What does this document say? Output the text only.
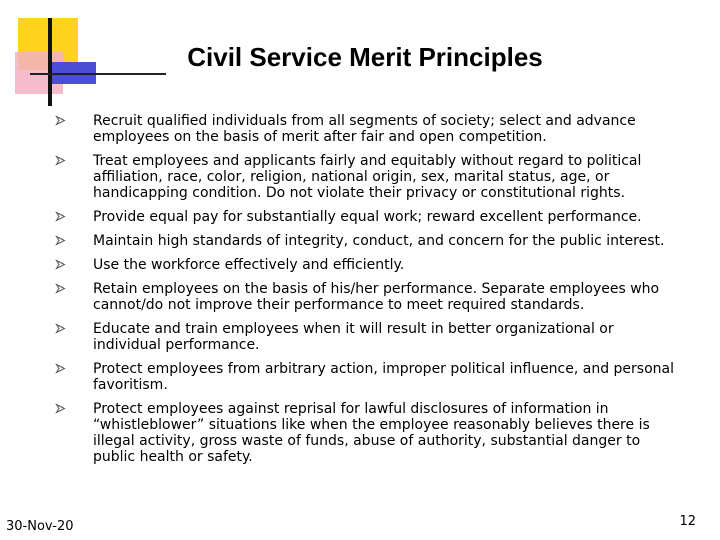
Civil Service Merit Principles
Recruit qualified individuals from all segments of society; select and advance employees on the basis of merit after fair and open competition.
Treat employees and applicants fairly and equitably without regard to political affiliation, race, color, religion, national origin, sex, marital status, age, or handicapping condition. Do not violate their privacy or constitutional rights.
Provide equal pay for substantially equal work; reward excellent performance.
Maintain high standards of integrity, conduct, and concern for the public interest.
Use the workforce effectively and efficiently.
Retain employees on the basis of his/her performance. Separate employees who cannot/do not improve their performance to meet required standards.
Educate and train employees when it will result in better organizational or individual performance.
Protect employees from arbitrary action, improper political influence, and personal favoritism.
Protect employees against reprisal for lawful disclosures of information in “whistleblower” situations like when the employee reasonably believes there is illegal activity, gross waste of funds, abuse of authority, substantial danger to public health or safety.
30-Nov-20	12
